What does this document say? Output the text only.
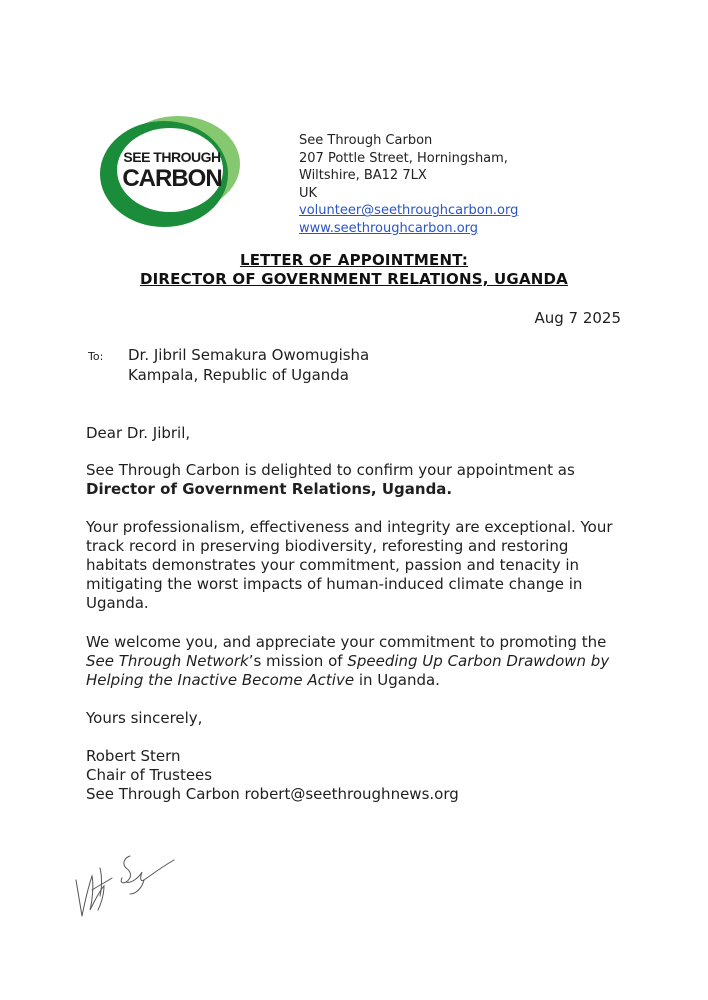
SEE THROUGH
CARBON
See Through Carbon
207 Pottle Street, Horningsham,
Wiltshire, BA12 7LX
UK
volunteer@seethroughcarbon.org
www.seethroughcarbon.org
LETTER OF APPOINTMENT:
DIRECTOR OF GOVERNMENT RELATIONS, UGANDA
Aug 7 2025
To: Dr. Jibril Semakura Owomugisha
Kampala, Republic of Uganda
Dear Dr. Jibril,

See Through Carbon is delighted to confirm your appointment as
Director of Government Relations, Uganda.

Your professionalism, effectiveness and integrity are exceptional. Your track record in preserving biodiversity, reforesting and restoring habitats demonstrates your commitment, passion and tenacity in mitigating the worst impacts of human-induced climate change in Uganda.

We welcome you, and appreciate your commitment to promoting the
See Through Network’s mission of Speeding Up Carbon Drawdown by Helping the Inactive Become Active in Uganda.

Yours sincerely,
Robert Stern
Chair of Trustees
See Through Carbon robert@seethroughnews.org
